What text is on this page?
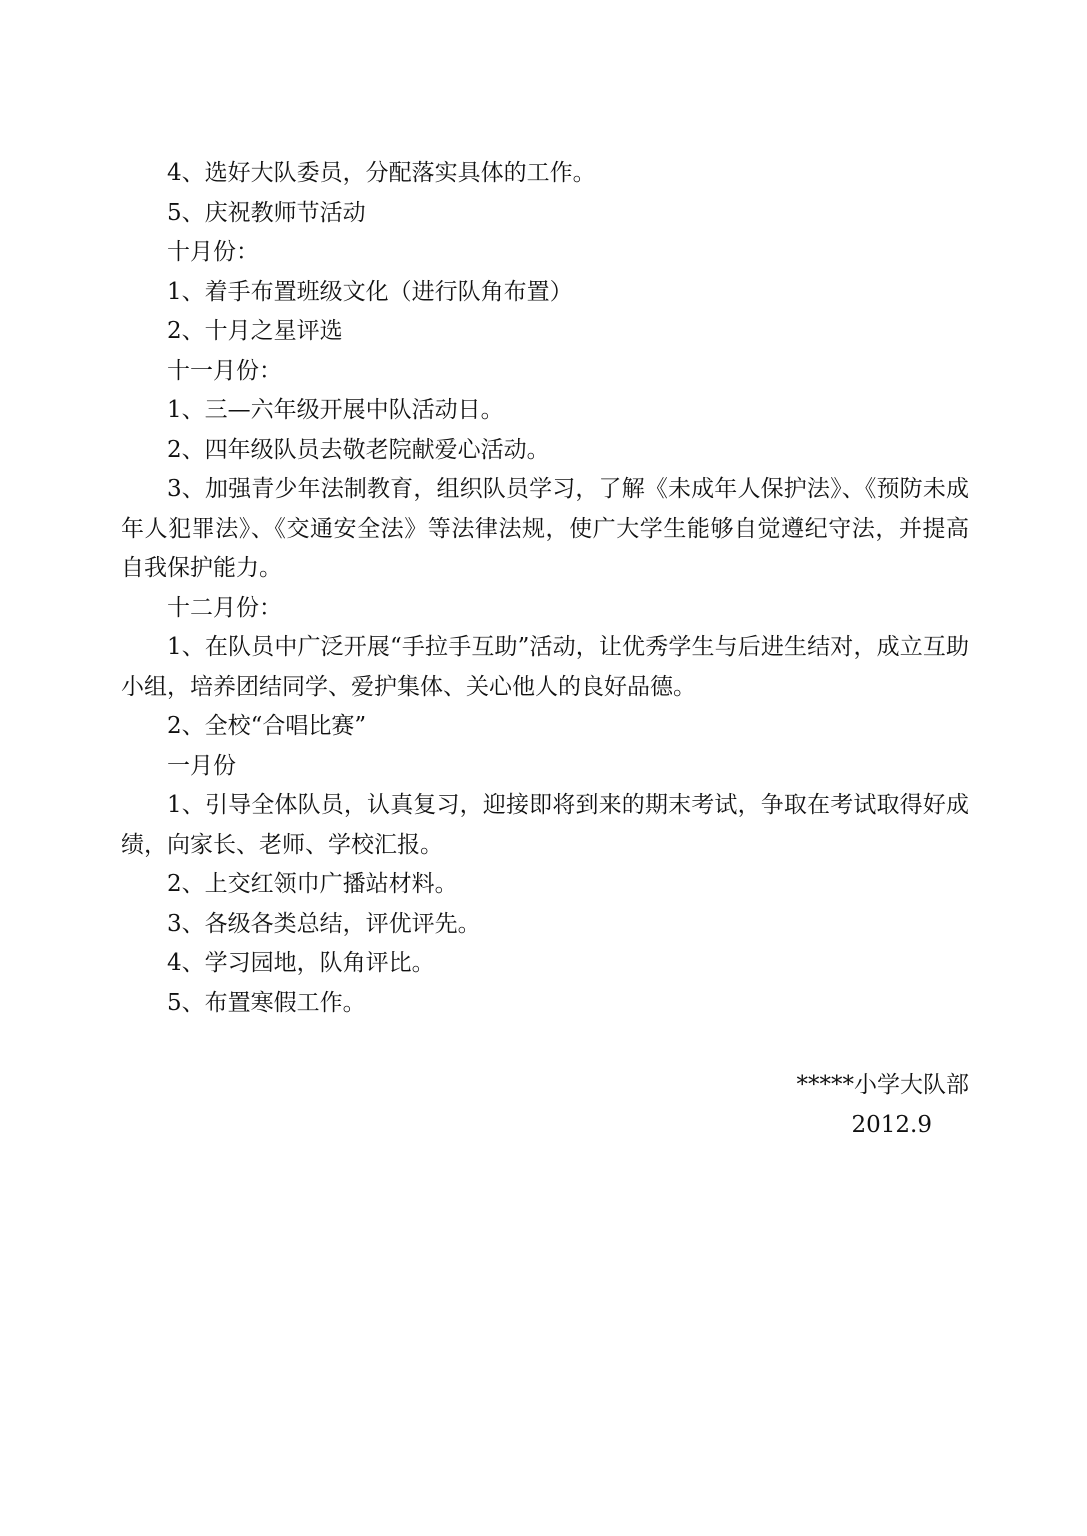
4、选好大队委员，分配落实具体的工作。

5、庆祝教师节活动

十月份：

1、着手布置班级文化（进行队角布置）

2、十月之星评选

十一月份：

1、三—六年级开展中队活动日。

2、四年级队员去敬老院献爱心活动。

3、加强青少年法制教育，组织队员学习，了解《未成年人保护法》、《预防未成年人犯罪法》、《交通安全法》等法律法规，使广大学生能够自觉遵纪守法，并提高自我保护能力。

十二月份：

1、在队员中广泛开展“手拉手互助”活动，让优秀学生与后进生结对，成立互助小组，培养团结同学、爱护集体、关心他人的良好品德。

2、全校“合唱比赛”

一月份

1、引导全体队员，认真复习，迎接即将到来的期末考试，争取在考试取得好成绩，向家长、老师、学校汇报。

2、上交红领巾广播站材料。

3、各级各类总结，评优评先。

4、学习园地，队角评比。

5、布置寒假工作。

*****小学大队部
2012.9
